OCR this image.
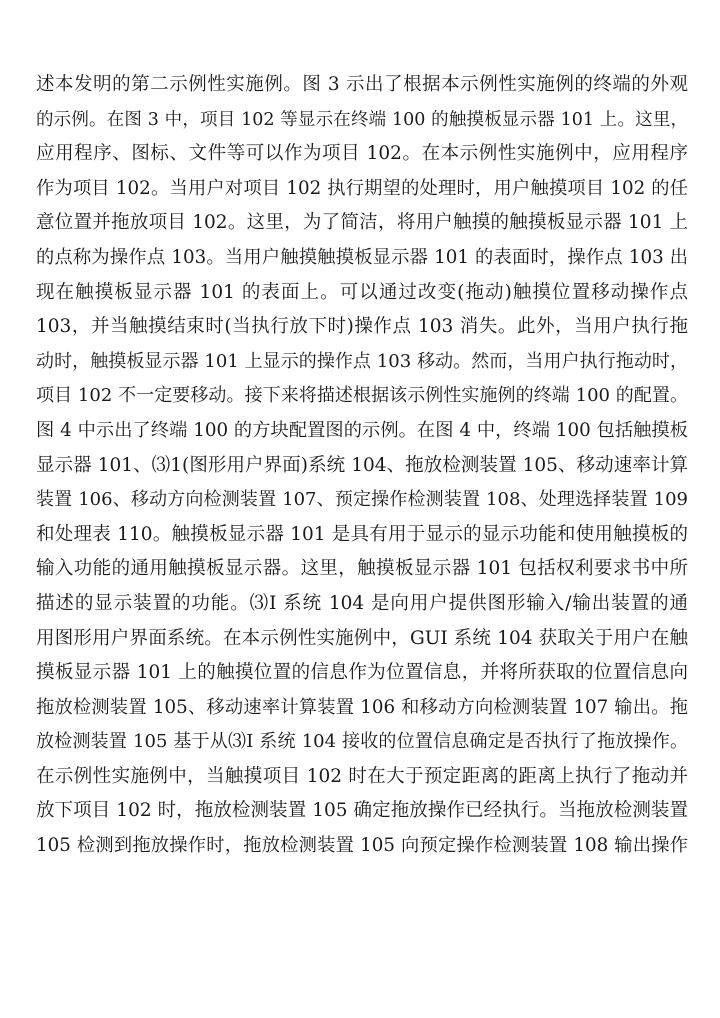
述本发明的第二示例性实施例。图 3 示出了根据本示例性实施例的终端的外观
的示例。在图 3 中，项目 102 等显示在终端 100 的触摸板显示器 101 上。这里，
应用程序、图标、文件等可以作为项目 102。在本示例性实施例中，应用程序
作为项目 102。当用户对项目 102 执行期望的处理时，用户触摸项目 102 的任
意位置并拖放项目 102。这里，为了简洁，将用户触摸的触摸板显示器 101 上
的点称为操作点 103。当用户触摸触摸板显示器 101 的表面时，操作点 103 出
现在触摸板显示器 101 的表面上。可以通过改变(拖动)触摸位置移动操作点
103，并当触摸结束时(当执行放下时)操作点 103 消失。此外，当用户执行拖
动时，触摸板显示器 101 上显示的操作点 103 移动。然而，当用户执行拖动时，
项目 102 不一定要移动。接下来将描述根据该示例性实施例的终端 100 的配置。
图 4 中示出了终端 100 的方块配置图的示例。在图 4 中，终端 100 包括触摸板
显示器 101、⑶1(图形用户界面)系统 104、拖放检测装置 105、移动速率计算
装置 106、移动方向检测装置 107、预定操作检测装置 108、处理选择装置 109
和处理表 110。触摸板显示器 101 是具有用于显示的显示功能和使用触摸板的
输入功能的通用触摸板显示器。这里，触摸板显示器 101 包括权利要求书中所
描述的显示装置的功能。⑶I 系统 104 是向用户提供图形输入/输出装置的通
用图形用户界面系统。在本示例性实施例中，GUI 系统 104 获取关于用户在触
摸板显示器 101 上的触摸位置的信息作为位置信息，并将所获取的位置信息向
拖放检测装置 105、移动速率计算装置 106 和移动方向检测装置 107 输出。拖
放检测装置 105 基于从⑶I 系统 104 接收的位置信息确定是否执行了拖放操作。
在示例性实施例中，当触摸项目 102 时在大于预定距离的距离上执行了拖动并
放下项目 102 时，拖放检测装置 105 确定拖放操作已经执行。当拖放检测装置
105 检测到拖放操作时，拖放检测装置 105 向预定操作检测装置 108 输出操作
